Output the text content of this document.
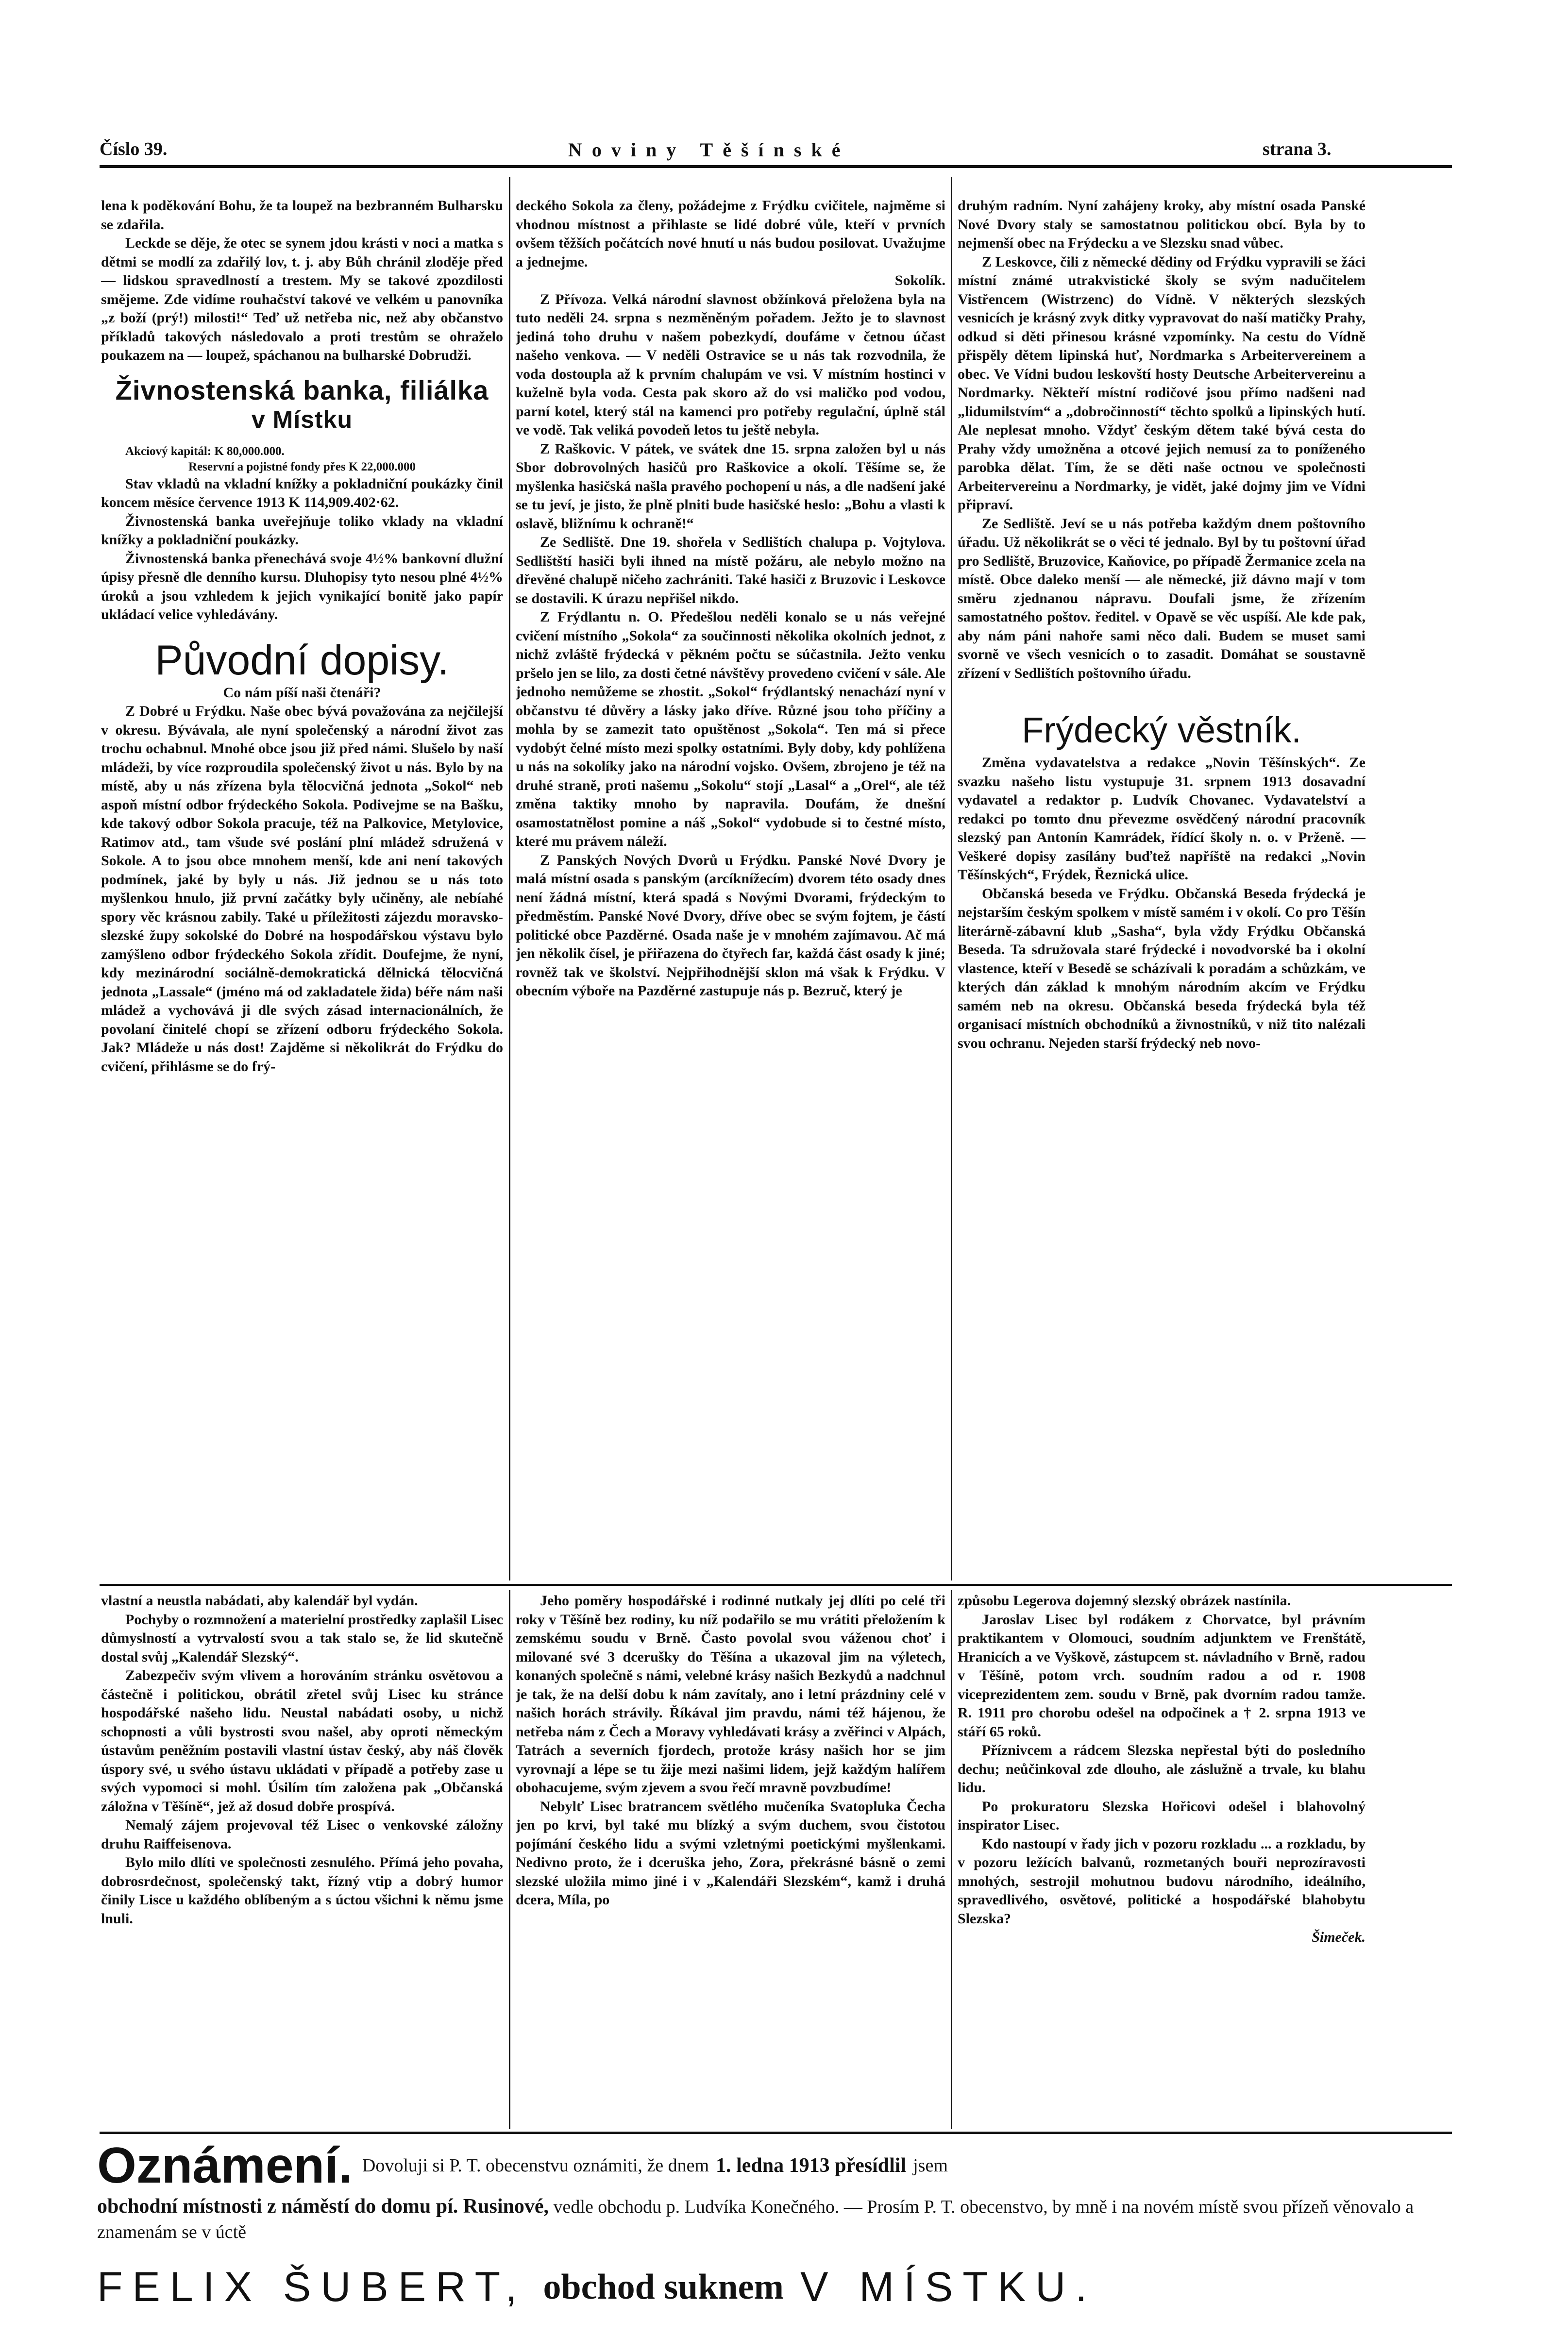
Číslo 39.	Noviny Těšínské	strana 3.

lena k poděkování Bohu, že ta loupež na bezbranném Bulharsku se zdařila.

Leckde se děje, že otec se synem jdou krásti v noci a matka s dětmi se modlí za zdařilý lov, t. j. aby Bůh chránil zloděje před — lidskou spravedlností a trestem. My se takové zpozdilosti smějeme. Zde vidíme rouhačství takové ve velkém u panovníka „z boží (prý!) milosti!“ Teď už netřeba nic, než aby občanstvo příkladů takových následovalo a proti trestům se ohraželo poukazem na — loupež, spáchanou na bulharské Dobrudži.

Živnostenská banka, filiálka
v Místku

Akciový kapitál: K 80,000.000.

Reservní a pojistné fondy přes K 22,000.000

Stav vkladů na vkladní knížky a pokladniční poukázky činil koncem měsíce července 1913 K 114,909.402·62.

Živnostenská banka uveřejňuje toliko vklady na vkladní knížky a pokladniční poukázky.

Živnostenská banka přenechává svoje 4½% bankovní dlužní úpisy přesně dle denního kursu. Dluhopisy tyto nesou plné 4½% úroků a jsou vzhledem k jejich vynikající bonitě jako papír ukládací velice vyhledávány.

Původní dopisy.

Co nám píší naši čtenáři?

Z Dobré u Frýdku. Naše obec bývá považována za nejčilejší v okresu. Bývávala, ale nyní společenský a národní život zas trochu ochabnul. Mnohé obce jsou již před námi. Slušelo by naší mládeži, by více rozproudila společenský život u nás. Bylo by na místě, aby u nás zřízena byla tělocvičná jednota „Sokol“ neb aspoň místní odbor frýdeckého Sokola. Podivejme se na Bašku, kde takový odbor Sokola pracuje, též na Palkovice, Metylovice, Ratimov atd., tam všude své poslání plní mládež sdružená v Sokole. A to jsou obce mnohem menší, kde ani není takových podmínek, jaké by byly u nás. Již jednou se u nás toto myšlenkou hnulo, již první začátky byly učiněny, ale nebíahé spory věc krásnou zabily. Také u příležitosti zájezdu moravsko-slezské župy sokolské do Dobré na hospodářskou výstavu bylo zamýšleno odbor frýdeckého Sokola zřídit. Doufejme, že nyní, kdy mezinárodní sociálně-demokratická dělnická tělocvičná jednota „Lassale“ (jméno má od zakladatele žida) béře nám naši mládež a vychovává ji dle svých zásad internacionálních, že povolaní činitelé chopí se zřízení odboru frýdeckého Sokola. Jak? Mládeže u nás dost! Zajděme si několikrát do Frýdku do cvičení, přihlásme se do frý-

deckého Sokola za členy, požádejme z Frýdku cvičitele, najměme si vhodnou místnost a přihlaste se lidé dobré vůle, kteří v prvních ovšem těžších počátcích nové hnutí u nás budou posilovat. Uvažujme a jednejme.

Sokolík.

Z Přívoza. Velká národní slavnost obžínková přeložena byla na tuto neděli 24. srpna s nezměněným pořadem. Ježto je to slavnost jediná toho druhu v našem pobezkydí, doufáme v četnou účast našeho venkova. — V neděli Ostravice se u nás tak rozvodnila, že voda dostoupla až k prvním chalupám ve vsi. V místním hostinci v kuželně byla voda. Cesta pak skoro až do vsi maličko pod vodou, parní kotel, který stál na kamenci pro potřeby regulační, úplně stál ve vodě. Tak veliká povodeň letos tu ještě nebyla.

Z Raškovic. V pátek, ve svátek dne 15. srpna založen byl u nás Sbor dobrovolných hasičů pro Raškovice a okolí. Těšíme se, že myšlenka hasičská našla pravého pochopení u nás, a dle nadšení jaké se tu jeví, je jisto, že plně plniti bude hasičské heslo: „Bohu a vlasti k oslavě, bližnímu k ochraně!“

Ze Sedliště. Dne 19. shořela v Sedlištích chalupa p. Vojtylova. Sedlištští hasiči byli ihned na místě požáru, ale nebylo možno na dřevěné chalupě ničeho zachrániti. Také hasiči z Bruzovic i Leskovce se dostavili. K úrazu nepřišel nikdo.

Z Frýdlantu n. O. Předešlou neděli konalo se u nás veřejné cvičení místního „Sokola“ za součinnosti několika okolních jednot, z nichž zvláště frýdecká v pěkném počtu se súčastnila. Ježto venku pršelo jen se lilo, za dosti četné návštěvy provedeno cvičení v sále. Ale jednoho nemůžeme se zhostit. „Sokol“ frýdlantský nenachází nyní v občanstvu té důvěry a lásky jako dříve. Různé jsou toho příčiny a mohla by se zamezit tato opuštěnost „Sokola“. Ten má si přece vydobýt čelné místo mezi spolky ostatními. Byly doby, kdy pohlížena u nás na sokolíky jako na národní vojsko. Ovšem, zbrojeno je též na druhé straně, proti našemu „Sokolu“ stojí „Lasal“ a „Orel“, ale též změna taktiky mnoho by napravila. Doufám, že dnešní osamostatnělost pomine a náš „Sokol“ vydobude si to čestné místo, které mu právem náleží.

Z Panských Nových Dvorů u Frýdku. Panské Nové Dvory je malá místní osada s panským (arcíknížecím) dvorem této osady dnes není žádná místní, která spadá s Novými Dvorami, frýdeckým to předměstím. Panské Nové Dvory, dříve obec se svým fojtem, je částí politické obce Pazděrné. Osada naše je v mnohém zajímavou. Ač má jen několik čísel, je přiřazena do čtyřech far, každá část osady k jiné; rovněž tak ve školství. Nejpřihodnější sklon má však k Frýdku. V obecním výboře na Pazděrné zastupuje nás p. Bezruč, který je

druhým radním. Nyní zahájeny kroky, aby místní osada Panské Nové Dvory staly se samostatnou politickou obcí. Byla by to nejmenší obec na Frýdecku a ve Slezsku snad vůbec.

Z Leskovce, čili z německé dědiny od Frýdku vypravili se žáci místní známé utrakvistické školy se svým nadučitelem Vistřencem (Wistrzenc) do Vídně. V některých slezských vesnicích je krásný zvyk ditky vypravovat do naší matičky Prahy, odkud si děti přinesou krásné vzpomínky. Na cestu do Vídně přispěly dětem lipinská huť, Nordmarka s Arbeitervereinem a obec. Ve Vídni budou leskovští hosty Deutsche Arbeitervereinu a Nordmarky. Někteří místní rodičové jsou přímo nadšeni nad „lidumilstvím“ a „dobročinností“ těchto spolků a lipinských hutí. Ale neplesat mnoho. Vždyť českým dětem také bývá cesta do Prahy vždy umožněna a otcové jejich nemusí za to poníženého parobka dělat. Tím, že se děti naše octnou ve společnosti Arbeitervereinu a Nordmarky, je vidět, jaké dojmy jim ve Vídni připraví.

Ze Sedliště. Jeví se u nás potřeba každým dnem poštovního úřadu. Už několikrát se o věci té jednalo. Byl by tu poštovní úřad pro Sedliště, Bruzovice, Kaňovice, po případě Žermanice zcela na místě. Obce daleko menší — ale německé, již dávno mají v tom směru zjednanou nápravu. Doufali jsme, že zřízením samostatného poštov. ředitel. v Opavě se věc uspíší. Ale kde pak, aby nám páni nahoře sami něco dali. Budem se muset sami svorně ve všech vesnicích o to zasadit. Domáhat se soustavně zřízení v Sedlištích poštovního úřadu.

Frýdecký věstník.

Změna vydavatelstva a redakce „Novin Těšínských“. Ze svazku našeho listu vystupuje 31. srpnem 1913 dosavadní vydavatel a redaktor p. Ludvík Chovanec. Vydavatelství a redakci po tomto dnu převezme osvědčený národní pracovník slezský pan Antonín Kamrádek, řídící školy n. o. v Prženě. — Veškeré dopisy zasílány buďtež napříště na redakci „Novin Těšínských“, Frýdek, Řeznická ulice.

Občanská beseda ve Frýdku. Občanská Beseda frýdecká je nejstarším českým spolkem v místě samém i v okolí. Co pro Těšín literárně-zábavní klub „Sasha“, byla vždy Frýdku Občanská Beseda. Ta sdružovala staré frýdecké i novodvorské ba i okolní vlastence, kteří v Besedě se scházívali k poradám a schůzkám, ve kterých dán základ k mnohým národním akcím ve Frýdku samém neb na okresu. Občanská beseda frýdecká byla též organisací místních obchodníků a živnostníků, v niž tito nalézali svou ochranu. Nejeden starší frýdecký neb novo-

vlastní a neustla nabádati, aby kalendář byl vydán.

Pochyby o rozmnožení a materielní prostředky zaplašil Lisec důmyslností a vytrvalostí svou a tak stalo se, že lid skutečně dostal svůj „Kalendář Slezský“.

Zabezpečiv svým vlivem a horováním stránku osvětovou a částečně i politickou, obrátil zřetel svůj Lisec ku stránce hospodářské našeho lidu. Neustal nabádati osoby, u nichž schopnosti a vůli bystrosti svou našel, aby oproti německým ústavům peněžním postavili vlastní ústav český, aby náš člověk úspory své, u svého ústavu ukládati v případě a potřeby zase u svých vypomoci si mohl. Úsilím tím založena pak „Občanská záložna v Těšíně“, jež až dosud dobře prospívá.

Nemalý zájem projevoval též Lisec o venkovské záložny druhu Raiffeisenova.

Bylo milo dlíti ve společnosti zesnulého. Přímá jeho povaha, dobrosrdečnost, společenský takt, řízný vtip a dobrý humor činily Lisce u každého oblíbeným a s úctou všichni k němu jsme lnuli.

Jeho poměry hospodářské i rodinné nutkaly jej dlíti po celé tři roky v Těšíně bez rodiny, ku níž podařilo se mu vrátiti přeložením k zemskému soudu v Brně. Často povolal svou váženou choť i milované své 3 dcerušky do Těšína a ukazoval jim na výletech, konaných společně s námi, velebné krásy našich Bezkydů a nadchnul je tak, že na delší dobu k nám zavítaly, ano i letní prázdniny celé v našich horách strávily. Říkával jim pravdu, námi též hájenou, že netřeba nám z Čech a Moravy vyhledávati krásy a zvěřinci v Alpách, Tatrách a severních fjordech, protože krásy našich hor se jim vyrovnají a lépe se tu žije mezi našimi lidem, jejž každým halířem obohacujeme, svým zjevem a svou řečí mravně povzbudíme!

Nebylť Lisec bratrancem světlého mučeníka Svatopluka Čecha jen po krvi, byl také mu blízký a svým duchem, svou čistotou pojímání českého lidu a svými vzletnými poetickými myšlenkami. Nedivno proto, že i dceruška jeho, Zora, překrásné básně o zemi slezské uložila mimo jiné i v „Kalendáři Slezském“, kamž i druhá dcera, Míla, po

způsobu Legerova dojemný slezský obrázek nastínila.

Jaroslav Lisec byl rodákem z Chorvatce, byl právním praktikantem v Olomouci, soudním adjunktem ve Frenštátě, Hranicích a ve Vyškově, zástupcem st. návladního v Brně, radou v Těšíně, potom vrch. soudním radou a od r. 1908 viceprezidentem zem. soudu v Brně, pak dvorním radou tamže. R. 1911 pro chorobu odešel na odpočinek a † 2. srpna 1913 ve stáří 65 roků.

Příznivcem a rádcem Slezska nepřestal býti do posledního dechu; neůčinkoval zde dlouho, ale záslužně a trvale, ku blahu lidu.

Po prokuratoru Slezska Hořicovi odešel i blahovolný inspirator Lisec.

Kdo nastoupí v řady jich v pozoru rozkladu ... a rozkladu, by v pozoru ležících balvanů, rozmetaných bouři neprozíravosti mnohých, sestrojil mohutnou budovu národního, ideálního, spravedlivého, osvětové, politické a hospodářské blahobytu Slezska?

Šimeček.

Oznámení. Dovoluji si P. T. obecenstvu oznámiti, že dnem 1. ledna 1913 přesídlil jsem
obchodní místnosti z náměstí do domu pí. Rusinové, vedle obchodu p. Ludvíka Konečného. — Prosím P. T. obecenstvo, by mně i na novém místě svou přízeň věnovalo a znamenám se v úctě
FELIX ŠUBERT, obchod suknem V MÍSTKU.
